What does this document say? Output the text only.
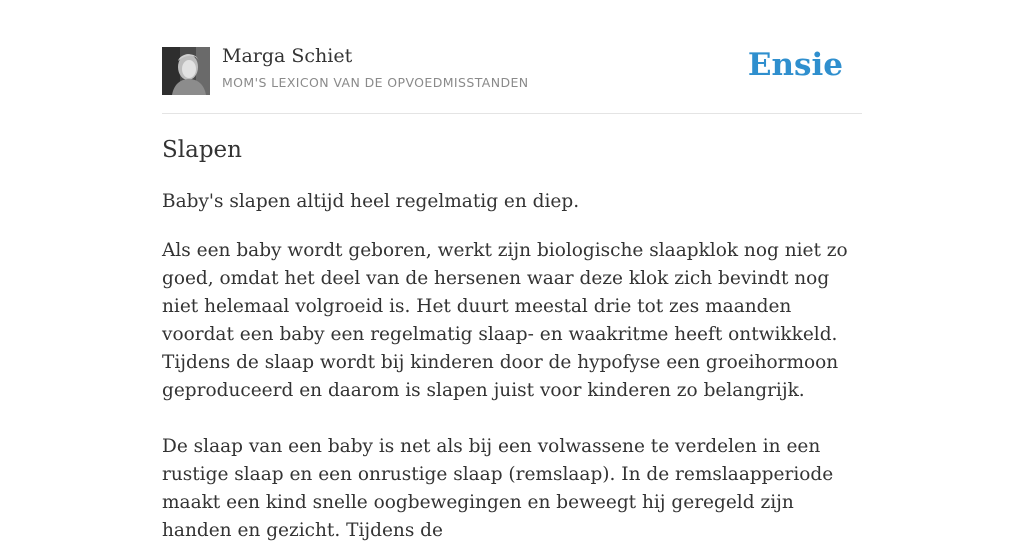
Marga Schiet
MOM'S LEXICON VAN DE OPVOEDMISSTANDEN	Ensie
Slapen

Baby's slapen altijd heel regelmatig en diep.

Als een baby wordt geboren, werkt zijn biologische slaapklok nog niet zo goed, omdat het deel van de hersenen waar deze klok zich bevindt nog niet helemaal volgroeid is. Het duurt meestal drie tot zes maanden voordat een baby een regelmatig slaap- en waakritme heeft ontwikkeld. Tijdens de slaap wordt bij kinderen door de hypofyse een groeihormoon geproduceerd en daarom is slapen juist voor kinderen zo belangrijk.

De slaap van een baby is net als bij een volwassene te verdelen in een rustige slaap en een onrustige slaap (remslaap). In de remslaapperiode maakt een kind snelle oogbewegingen en beweegt hij geregeld zijn handen en gezicht. Tijdens de
